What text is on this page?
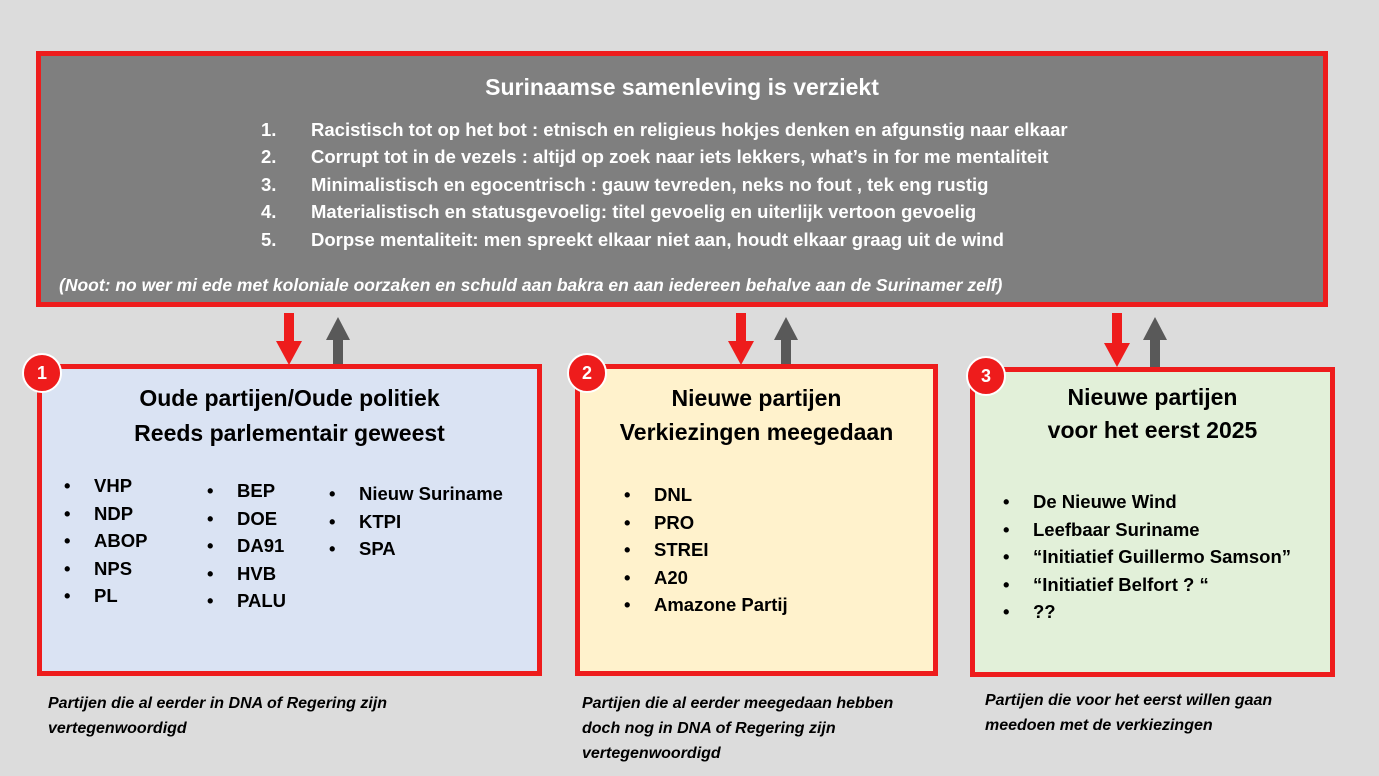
Surinaamse samenleving is verziekt
1. Racistisch tot op het bot : etnisch en religieus hokjes denken en afgunstig naar elkaar
2. Corrupt tot in de vezels : altijd op zoek naar iets lekkers, what’s in for me mentaliteit
3. Minimalistisch en egocentrisch : gauw tevreden, neks no fout , tek eng rustig
4. Materialistisch en statusgevoelig: titel gevoelig en uiterlijk vertoon gevoelig
5. Dorpse mentaliteit: men spreekt elkaar niet aan, houdt elkaar graag uit de wind
(Noot: no wer mi ede met koloniale oorzaken en schuld aan bakra en aan iedereen behalve aan de Surinamer zelf)
Oude partijen/Oude politiek
Reeds parlementair geweest
• VHP
• NDP
• ABOP
• NPS
• PL
• BEP
• DOE
• DA91
• HVB
• PALU
• Nieuw Suriname
• KTPI
• SPA
1
Partijen die al eerder in DNA of Regering zijn
vertegenwoordigd
Nieuwe partijen
Verkiezingen meegedaan
• DNL
• PRO
• STREI
• A20
• Amazone Partij
2
Partijen die al eerder meegedaan hebben
doch nog in DNA of Regering zijn
vertegenwoordigd
Nieuwe partijen
voor het eerst 2025
• De Nieuwe Wind
• Leefbaar Suriname
• “Initiatief Guillermo Samson”
• “Initiatief Belfort ? “
• ??
3
Partijen die voor het eerst willen gaan
meedoen met de verkiezingen
